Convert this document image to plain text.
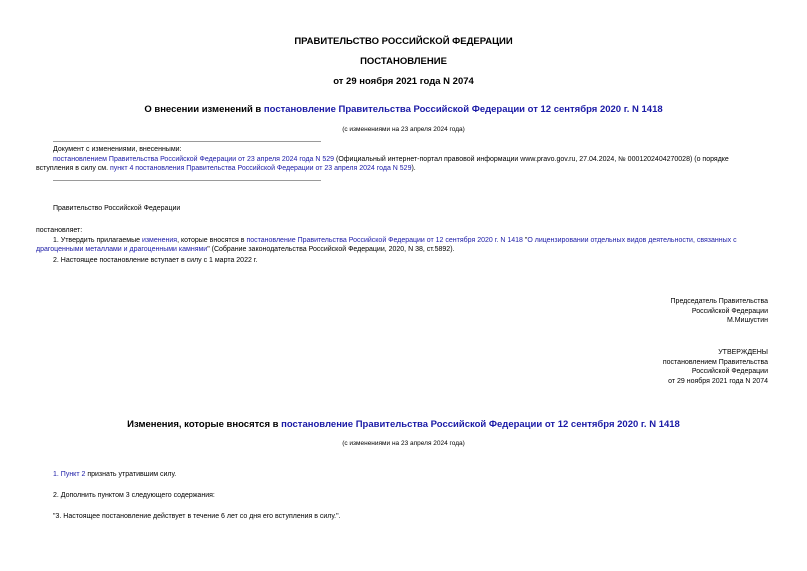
ПРАВИТЕЛЬСТВО РОССИЙСКОЙ ФЕДЕРАЦИИ
ПОСТАНОВЛЕНИЕ
от 29 ноября 2021 года N 2074
О внесении изменений в постановление Правительства Российской Федерации от 12 сентября 2020 г. N 1418
(с изменениями на 23 апреля 2024 года)
Документ с изменениями, внесенными:
постановлением Правительства Российской Федерации от 23 апреля 2024 года N 529 (Официальный интернет-портал правовой информации www.pravo.gov.ru, 27.04.2024, № 0001202404270028) (о порядке
вступления в силу см. пункт 4 постановления Правительства Российской Федерации от 23 апреля 2024 года N 529).
Правительство Российской Федерации
постановляет:
1. Утвердить прилагаемые изменения, которые вносятся в постановление Правительства Российской Федерации от 12 сентября 2020 г. N 1418 "О лицензировании отдельных видов деятельности, связанных с
драгоценными металлами и драгоценными камнями" (Собрание законодательства Российской Федерации, 2020, N 38, ст.5892).
2. Настоящее постановление вступает в силу с 1 марта 2022 г.
Председатель Правительства
Российской Федерации
М.Мишустин
УТВЕРЖДЕНЫ
постановлением Правительства
Российской Федерации
от 29 ноября 2021 года N 2074
Изменения, которые вносятся в постановление Правительства Российской Федерации от 12 сентября 2020 г. N 1418
(с изменениями на 23 апреля 2024 года)
1. Пункт 2 признать утратившим силу.
2. Дополнить пунктом 3 следующего содержания:
"3. Настоящее постановление действует в течение 6 лет со дня его вступления в силу.".
